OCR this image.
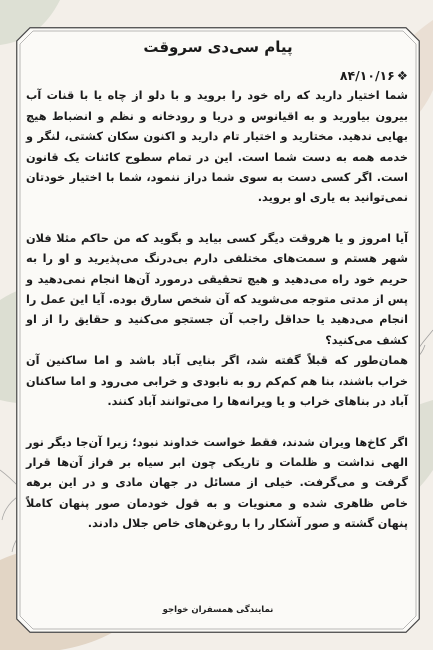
پیام سی‌دی سروقت

❖۸۴/۱۰/۱۶

شما اختیار دارید که راه خود را بروید و با دلو از چاه یا با قنات آب بیرون بیاورید و به اقیانوس و دریا و رودخانه و نظم و انضباط هیچ بهایی ندهید. مختارید و اختیار تام دارید و اکنون سکان کشتی، لنگر و خدمه همه به دست شما است. این در تمام سطوح کائنات یک قانون است. اگر کسی دست به سوی شما دراز ننمود، شما با اختیار خودتان نمی‌توانید به یاری او بروید.

آیا امروز و یا هروقت دیگر کسی بیاید و بگوید که من حاکم مثلا فلان شهر هستم و سمت‌های مختلفی دارم بی‌درنگ می‌پذیرید و او را به حریم خود راه می‌دهید و هیچ تحقیقی درمورد آن‌ها انجام نمی‌دهید و پس از مدتی متوجه می‌شوید که آن شخص سارق بوده. آیا این عمل را انجام می‌دهید یا حداقل راجب آن جستجو می‌کنید و حقایق را از او کشف می‌کنید؟

همان‌طور که قبلاً گفته شد، اگر بنایی آباد باشد و اما ساکنین آن خراب باشند، بنا هم کم‌کم رو به نابودی و خرابی می‌رود و اما ساکنان آباد در بناهای خراب و یا ویرانه‌ها را می‌توانند آباد کنند.

اگر کاخ‌ها ویران شدند، فقط خواست خداوند نبود؛ زیرا آن‌جا دیگر نور الهی نداشت و ظلمات و تاریکی چون ابر سیاه بر فراز آن‌ها قرار گرفت و می‌گرفت. خیلی از مسائل در جهان مادی و در این برهه خاص ظاهری شده و معنویات و به قول خودمان صور پنهان کاملاً پنهان گشته و صور آشکار را با روغن‌های خاص جلال دادند.

نمایندگی همسفران خواجو
